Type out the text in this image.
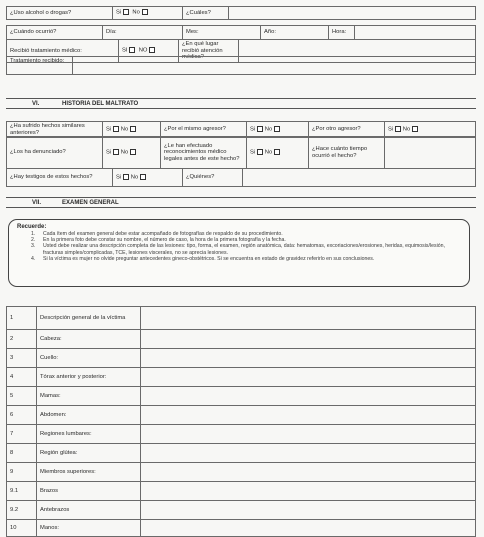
¿Uso alcohol o drogas?	Si No	¿Cuáles?	
¿Cuándo ocurrió?	Día:	Mes:	Año:	Hora:	
Recibió tratamiento médico:	SI NO	¿En qué lugar recibió atención médica?	
Tratamiento recibido:	
VI.	HISTORIA DEL MALTRATO
¿Ha sufrido hechos similares anteriores?	Si No	¿Por el mismo agresor?	Si No	¿Por otro agresor?	Si No
¿Los ha denunciado?	Si No	¿Le han efectuado reconocimientos médico legales antes de este hecho?	Si No	¿Hace cuánto tiempo ocurrió el hecho?	
¿Hay testigos de estos hechos?	Si No	¿Quiénes?	
VII.	EXAMEN GENERAL
Recuerde:
1. Cada ítem del examen general debe estar acompañado de fotografías de respaldo de su procedimiento.
2. En la primera foto debe constar su nombre, el número de caso, la hora de la primera fotografía y la fecha.
3. Usted debe realizar una descripción completa de las lesiones: tipo, forma, el examen, región anatómica, data: hematomas, excoriaciones/erosiones, heridas, equimosis/lesión, fracturas simples/complicadas, TCE, lesiones viscerales, no se aprecia lesiones.
4. Si la víctima es mujer no olvide preguntar antecedentes gineco-obstétricos. Si se encuentra en estado de gravidez referirlo en sus conclusiones.
1	Descripción general de la víctima	
2	Cabeza:	
3	Cuello:	
4	Tórax anterior y posterior:	
5	Mamas:	
6	Abdomen:	
7	Regiones lumbares:	
8	Región glútea:	
9	Miembros superiores:	
9.1	Brazos	
9.2	Antebrazos	
10	Manos:	
